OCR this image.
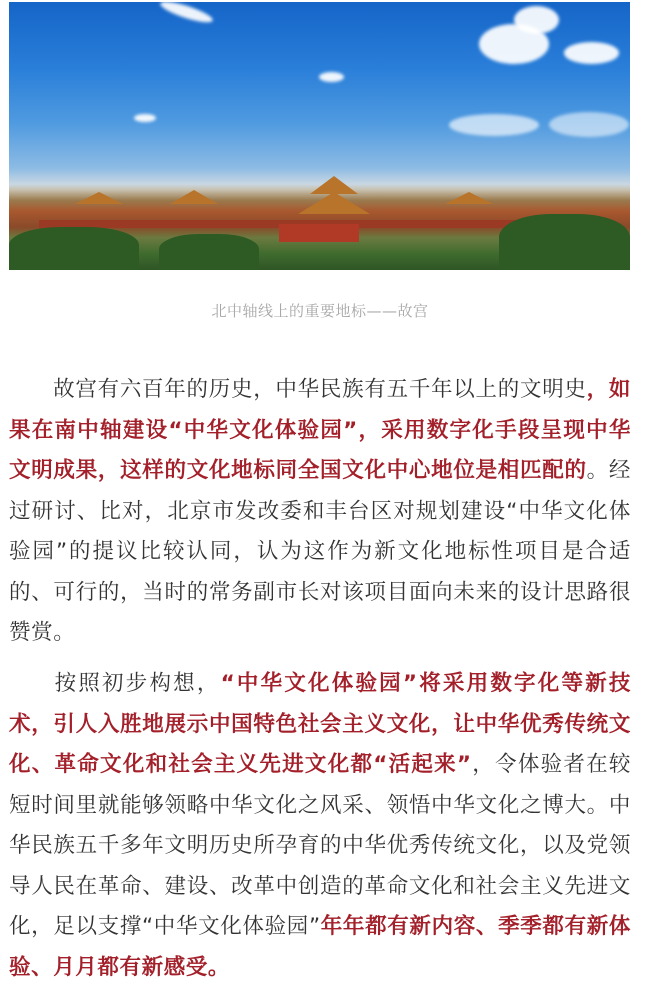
北中轴线上的重要地标——故宫
故宫有六百年的历史，中华民族有五千年以上的文明史，如果在南中轴建设“中华文化体验园”，采用数字化手段呈现中华文明成果，这样的文化地标同全国文化中心地位是相匹配的。经过研讨、比对，北京市发改委和丰台区对规划建设“中华文化体验园”的提议比较认同，认为这作为新文化地标性项目是合适的、可行的，当时的常务副市长对该项目面向未来的设计思路很赞赏。
按照初步构想，“中华文化体验园”将采用数字化等新技术，引人入胜地展示中国特色社会主义文化，让中华优秀传统文化、革命文化和社会主义先进文化都“活起来”，令体验者在较短时间里就能够领略中华文化之风采、领悟中华文化之博大。中华民族五千多年文明历史所孕育的中华优秀传统文化，以及党领导人民在革命、建设、改革中创造的革命文化和社会主义先进文化，足以支撑“中华文化体验园”年年都有新内容、季季都有新体验、月月都有新感受。
